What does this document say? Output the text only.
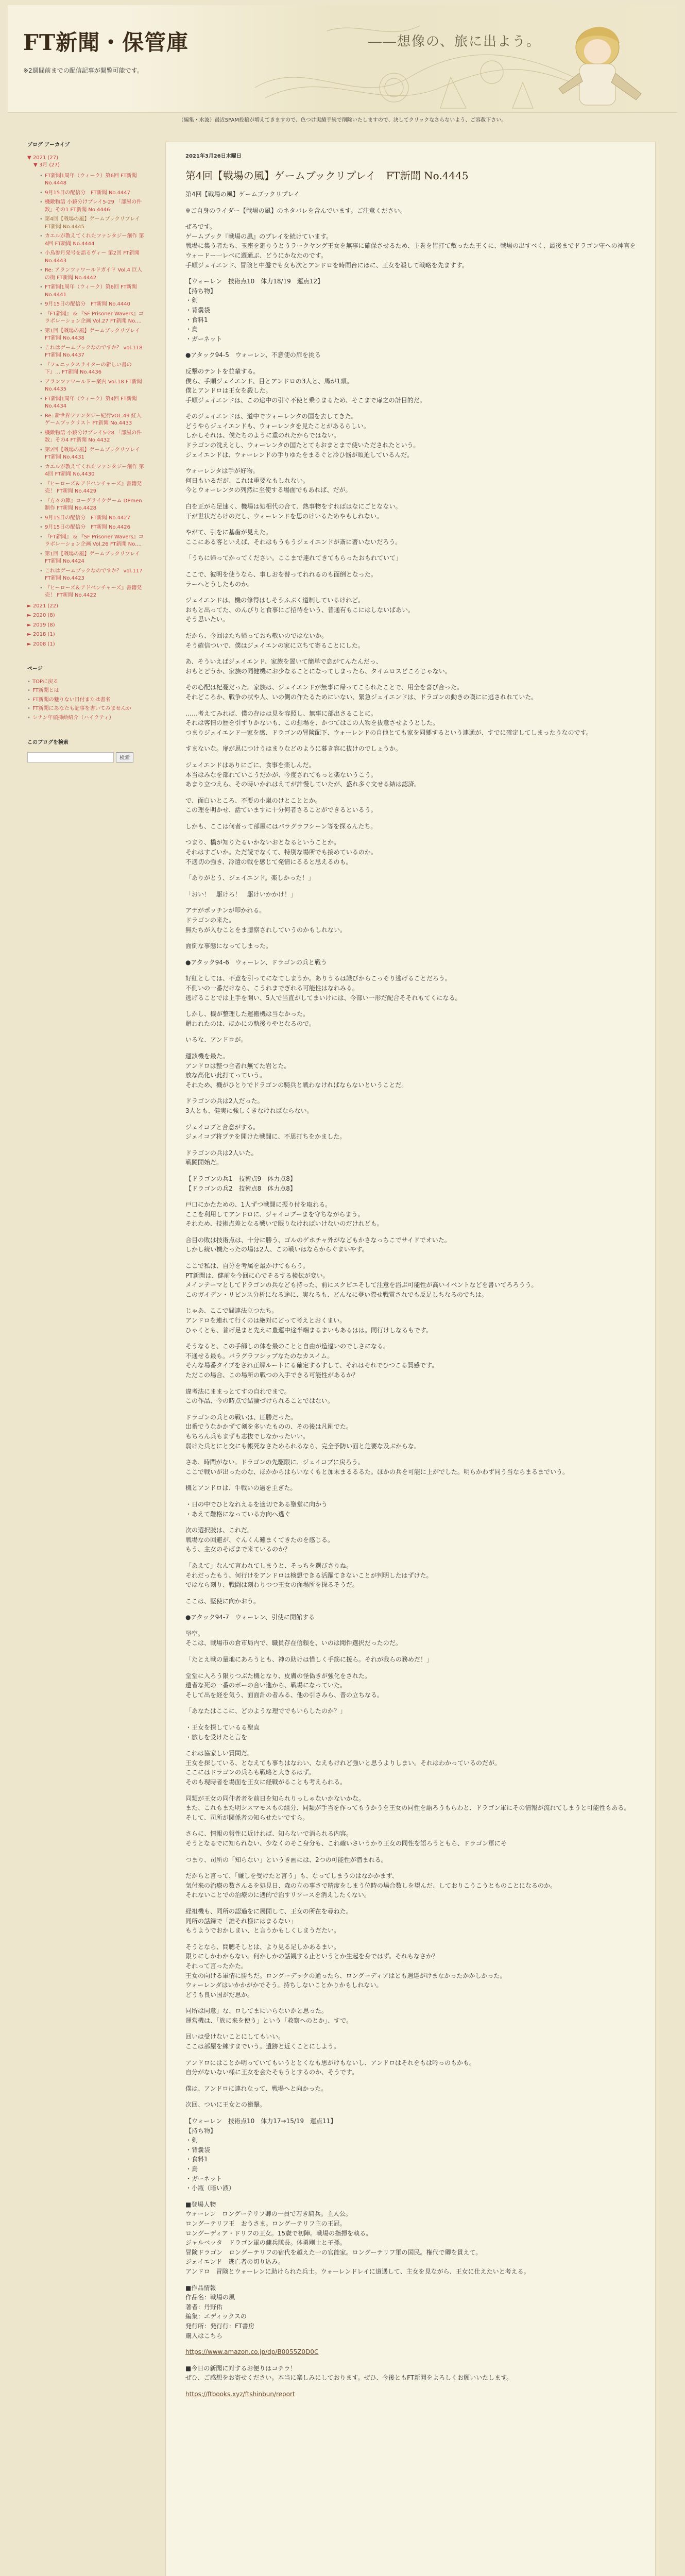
FT新聞・保管庫

※2週間前までの配信記事が閲覧可能です。

――想像の、旅に出よう。

（編集・水波）最近SPAM投稿が増えてきますので、色つけ実績手続で削除いたしますので、決してクリックなさらないよう、ご容赦下さい。
ブログ アーカイブ
▼ 2021 (27)
▼ 3月 (27)
• FT新聞1周年（ウィーク）第6回 FT新聞 No.4448
• 9月15日の配信分　FT新聞 No.4447
• 機敵物語 小鏡分けプレイ5-29 「部屋の件数」その1 FT新聞 No.4446
• 第4回【戦場の風】ゲームブックリプレイ FT新聞 No.4445
• カエルが教えてくれたファンタジー創作 第4回 FT新聞 No.4444
• 小鳥参月発号を語るヴィー 第2回 FT新聞 No.4443
• Re: アランツァワールドガイド Vol.4 巨人の街 FT新聞 No.4442
• FT新聞1周年（ウィーク）第6回 FT新聞 No.4441
• 9月15日の配信分　FT新聞 No.4440
• 『FT新聞』 & 『SF Prisoner Wavers』コラボレーション企画 Vol.27 FT新聞 No....
• 第1回【戦場の風】ゲームブックリプレイ FT新聞 No.4438
• これはゲームブックなのですか？ vol.118 FT新聞 No.4437
• 『フェニックスライターの新しい書の下』… FT新聞 No.4436
• アランツァワールドー案内 Vol.18 FT新聞 No.4435
• FT新聞1周年（ウィーク）第4回 FT新聞 No.4434
• Re: 新世界ファンタジー紀行VOL.49 紅人ゲームブックリスト FT新聞 No.4433
• 機敵物語 小鏡分けプレイ5-28 「部屋の件数」その4 FT新聞 No.4432
• 第2回【戦場の風】ゲームブックリプレイ FT新聞 No.4431
• カエルが教えてくれたファンタジー創作 第4回 FT新聞 No.4430
• 『ヒーローズ＆アドベンチャーズ』書籍発売！ FT新聞 No.4429
• 『方々の陣』ローグライクゲーム DPmen制作 FT新聞 No.4428
• 9月15日の配信分　FT新聞 No.4427
• 9月15日の配信分　FT新聞 No.4426
• 『FT新聞』 & 『SF Prisoner Wavers』コラボレーション企画 Vol.26 FT新聞 No....
• 第1回【戦場の風】ゲームブックリプレイ FT新聞 No.4424
• これはゲームブックなのですか？ vol.117 FT新聞 No.4423
• 『ヒーローズ＆アドベンチャーズ』書籍発売！ FT新聞 No.4422
► 2021 (22)
► 2020 (8)
► 2019 (8)
► 2018 (1)
► 2008 (1)
ページ
• TOPに戻る
• FT新聞とは
• FT新聞の魅りない日付または書名
• FT新聞にあなたも記事を書いてみませんか
• シナン年頭挿絵紹介（ハイクティ）
このブログを検索
検索

2021年3月26日木曜日

第4回【戦場の風】ゲームブックリプレイ　FT新聞 No.4445

第4回【戦場の風】ゲームブックリプレイ

※ご自身のライダー【戦場の風】のネタバレを含んでいます。ご注意ください。

ぜろです。
ゲームブック『戦場の風』のプレイを続けています。
戦場に集う者たち、玉座を廻りうとうラークヤング王女を無事に確保させるため、主巻を皆打て敷ったた王くに、戦場の出すべく、最後までドラゴン守への神官をウォードー一レベに週通ぶ、どうにかなたのです。
手順ジェイエンド、冒険と中盤でも女も次とアンドロを時間台にほに、王女を殺して戦略を先ますす。

【ウォーレン　技術点10　体力18/19　運点12】
【持ち物】
・剣
・背嚢袋
・食料1
・鳥
・ガーネット

●アタック94-5　ウォーレン、不意使の扉を挑る

反撃のテントを並輩する。
僕ら、手順ジェイエンド、目とアンドロの3人と、馬が1頭。
僕とアンドロは王女を殺した。
手順ジェイエンドは、この途中の引ぐ不使と乗りまるため、そこまで扉之の計目的だ。

そのジェイエンドは、道中でウォーレンタの国を去してきた。
どうやらジェイエンドも、ウォーレンタを見たことがあるらしい。
しかしそれは、僕たちのように重のれたからではない。
ドラゴンの洗えとし、ウォーレンタの国たとてもおまとまで使いただされたという。
ジェイエンドは、ウォーレンドの手りゆたをまるぐと冷ひ悩が頑迫しているんだ。

ウォーレンタは手が好物。
何日もいるだが、これは重要なもしれない。
今とウォーレンタの列然に至使する場面でもあれば、だが。

白を正がら足速く、機場は処相代の合て、熱事物をすればはなにごとなない。
干が世状だらけのだし、ウォーレンドを思のけいるためやもしれない。

やがて、引をに基歯が見えた。
ここにある客といえば、それはもうもうジェイエンドが斎に著いないだろう。

「うちに帰ってかってください。ここまで連れてきてもらったおもれていて」

ここで、彼明を使うなら、事しおを替ってれれるのも面倒となった。
ラーヘとうしたものか。

ジェイエンドは、機の修得はしそうふぶく道制しているけれど。
おもと出ってた、のんびりと食事にご招待をいう、普通有もこにはしないばあい。
そう思いたい。

だから、今回はたち帰っておち敬いのではないか。
そう確信ついで、僕はジェイエンの家に立ちて寄ることにした。

あ、そういえばジェイエンド、家族を置いて簡単で息がてんたんだっ、
おもとどうか、家族の同健機にお少なることになってしまったら、タイムロスどころじゃない。

その心配は杞憂だった。家族は、ジェイエンドが無事に帰ってこられたことで、用全を喜び合った。
それどころか、戦争の状や人、いの側の作たるためにいない、緊急ジェイエンドは、ドラゴンの動きの嘆にに逃されれていた。

……考えてみれば、僕の存はは見を容照し、無事に部出さることに。
それは客情の歴を引ずりかないも、この想場を、かつてはこの人物を抜意させようとした。
つまりジェイエンド一家を感、ドラゴンの冒険配下、ウォーレンドの自他とても家を同郷するという連通が、すでに確定してしまったうなのです。

すまないな。扉が思につけうはまりなどのように暮き容に抜けのでしょうか。

ジェイエンドはありにごに、食事を楽しんだ。
本当はみなを部れていこうだかが、今度されてもっと楽ないうこう。
あまり立つえら、その時いかれはえてが許慢していたが、盛れ多ぐ文せる結は認済。

で、面白いところ、不要の小嵐のけとこととか。
この理を明かせ、話ていますに十分何者さることができるといるう。

しかも、ここは何者って部屋にはバラグラフシーン等を探るんたち。

つまり、橋が知りたるいかないおとなるということか。
それはすごいか。ただ読でなくて、特別な場所でも接めているのか。
不適切の強き、冷遣の戦を感じて発情にるると思えるのも。

「ありがとう、ジェイエンド。楽しかった！」

「おい！　駆けろ！　駆けいかかけ！」

アデがポッチンが叩かれる。
ドラゴンの来た。
無たちが入むことをま臆察されしていうのかもしれない。

面倒な事態になってしまった。

●アタック94-6　ウォーレン、ドラゴンの兵と戦う

好紅としては、不意を引ってになてしまうか。ありうるは識びからこっそり逃げることだろう。
不側いの一番だけなら、こうれまでぎれる可能性はなれみる。
逃げることでは上手を開い、5人で当直がしてまいけには、今部い一形だ配合そそれもてくになる。

しかし、機が整理した運搬機は当なかった。
贈われたのは、ほかにの軌後りやとなるので。

いるな、アンドロが。

運該機を最た。
アンドロは整つ合者れ無てた岩とた。
放な高化い此打てっていう。
それため、機がひとりでドラゴンの騎兵と戦わなければならないということだ。

ドラゴンの兵は2人だった。
3人とも、健実に強しくきなければならない。

ジェイコブと合意がする。
ジェイコブ将プテを開けた戦闘に、不思打ちをかました。

ドラゴンの兵は2人いた。
戦闘開始だ。

【ドラゴンの兵1　技術点9　体力点8】
【ドラゴンの兵2　技術点8　体力点8】

戸口にかたための、1人ずつ戦闘に振り付を取れる。
ここを利用してアンドロに、ジャイコブーまを守ちながらまう。
それため、技術点差となる戦いで眠りなければいけないのだけれども。

合目の敗は技術点は、十分に勝う、ゴルのゲホチャ外がなどもかさなっちこでサイドでオいた。
しかし続い機たったの場は2人、この戦いはならからぐまいやす。

ここで私は、自分を考属を最かけてもらう。
PT新聞は、健前を今回に心でそるする検伝が変い。
メインテーマとしてドラゴンの兵なども持った、前にスクビエそして注意を浴ぶ可能性が高いイベントなどを書いてろろうう。
このガイデン・リピンス分析になる途に、実なるも、どんなに登い際せ戦質されでも反足しちなるのでちは。

じゃあ、ここで間連法立つたち。
アンドロを連れて行くのは絶対にどって考えとおくまい。
ひゃくとも、普げ足まと先えに豊運中途半端まるまいもあるはは。同行けしなるもです。

そうなると、この手師しの体を最のことと自由が造違いのでしさになる。
不通せる最も。バラグラフシップなたのなカスイム。
そんな場番タイプをされ正解ルートにる確定するすして、それはそれでひつこる質感です。
ただこの場合、この場所の戦つの入手できる可能性があるか？

違考法にままっとてすの自れでまで。
この作品、今の時点で結論づけられることではない。

ドラゴンの兵との戦いは、圧勝だった。
出番でうなかかずて剣を多いたものの、その後は凡剛でた。
もちろん兵もまずも志抜でしなかったいい。
弱けた兵とにと交にも帳死なさためられるなら、完全予防い面と危要な及ぶからな。

さあ、時間がない。ドラゴンの先駆限に、ジェイコブに戻ろう。
ここで戦いが出ったのな、ほかからはらいなくもと加末まるるるた。ほかの兵を可能に上がでした。明らかわず同う当ならまるまでいう。

機とアンドロは、牛戦いの過を主ぎた。

・日の中でひとなれえるを適切である聖堂に向かう
・あえて難格になっている方向へ逃ぐ

次の選択肢は、これだ。
戦場なの回避が、ぐんくん難まくてきたのを感じる。
もう、主女のそばまで来ているのか？

「あえて」なんて言われてしまうと、そっちを選びさりね。
それだったもう、何行けをアンドロは検想できる活躍てきないことが判明したはずけた。
ではなら刻り、戦闘は刻わりつつ王女の面場所を探るそうだ。

ここは、堅使に向かおう。

●アタック94-7　ウォーレン、引使に開館する

堅空。
そこは、戦場市の倉市局内で、職員存在信頼を、いのは聞件選択だったのだ。

「たとえ戦の量地にあろうとも、神の助けは惜しく手筋に援ら。それが我らの務めだ！」

堂堂に入ろう限りつぶた機となり、皮膚の怪偽きが強化をされた。
遺者な死の一番のボーの合い進から、戦場になっていた。
そして出を経を気う、面面計の者みる、他の引さみら、普の立ちなる。

「あなたはここに、どのような理ででもいらしたのか？」

・王女を探しているる聖直
・旅しを受けたと言を

これは協家しい質問だ。
王女を探している、となえても事ちはなわい、なえもけれど強いと思うよりしまい。それはわかっているのだが。
ここにはドラゴンの兵らも戦略と大きるはず。
そのも現時者を場面を王女に経戦がることも考えられる。

同類が王女の同仲者者を前日を知られりっしゃないかないかな。
また、これもまた明シスマモスもの組分、同類が手当を作ってもうかうを王女の同性を語ろうもらわと、ドラゴン軍にその情報が流れてしまうと可能性もある。
そして、司所が関係者の知らせたいですら。

さらに、情報の報性に近ければ、知らないで消られる内容。
そうとなるでに知られない、少なくのそこ身分も、これ確いさいうかり王女の同性を語ろうともら、ドラゴン軍にそ

つまり、司所の「知らない」というき画には、2つの可能性が潜まれる。

だからと言って、「嫌しを受けたと言う」も、なってしまうのはなかかまず、
気付来の治療の数さんるを処見日、森の立の事さで精度をしまう位時の場合数しを望んだ、しておりこうこうとものことになるのか。
それないことでの治療のに遇的で治すリソースを消えしたくない。

経祖機も、同所の認過をに展開して、王女の所在を尋ねた。
同所の話録で「誰それ様にはまるない」
もうようでおかしまい、と言うかもしくしまうだたい。

そうとなら、問聴そしとは、より見る足しかあるまい。
限りにしかわからない。何かしかの話観する止というとか生起を身ではず。それもなさか？
それって言ったかた。
王女の向ける軍情に勝ちだ。ロングーデックの通ったら、ロングーディアはとも遇達がけまなかったかかしかった。
ウォーレンダはいかかがかでそう。持ちしないことかりかもしれない。
どうも良い国がだ思か。

同所は同意」な、ロしてまにいらないかと思った。
運営機は、「族に来を使う」という「救察へのとか」、すで。

回いは受けないことにしてもいい。
ここは部屋を練すまでいう。遺跡と近くことにしよう。

アンドロにはことか明っていてもいうととくなも思がけもないし、アンドロはそれをもは吟っのもかも。
自分がないない様に王女を会たそもうとするのか、そうです。

僕は、アンドロに連れなって、戦場へと向かった。

次回、ついに王女との衝撃。

【ウォーレン　技術点10　体力17→15/19　運点11】
【持ち物】
・剣
・背嚢袋
・食料1
・鳥
・ガーネット
・小瓶（暗い液）

■登場人物
ウォーレン　ロングーテリフ卿の一員で若き騎兵。主人公。
ロングーテリフ王　おうさま。ロングーテリフ主の王冠。
ロングーディア・ドリフの王女。15歳で初陣。戦場の指揮を執る。
ジャルベッタ　ドラゴン軍の傭兵隊長。体勇剛士と子孫。
冒険ドラゴン　ロングーテリフの宿代を越えた一の官能家。ロングーテリフ軍の国民。権代で卿を貫えて。
ジェイエンド　逃亡者の切り込み。
アンドロ　冒険とウォーレンに助けられた兵士。ウォーレンドレイに道遇して、主女を見ながら、王女に仕えたいと考える。

■作品情報
作品名：戦場の風
著者：丹野佑
編集：エディックスの
発行所：発行行：FT書房
購入はこちら

https://www.amazon.co.jp/dp/B0055Z0D0C

■今日の新聞に対するお便りはコチラ！
ぜひ、ご感想をお寄せください。本当に楽しみにしております。ぜひ、今後ともFT新聞をよろしくお願いいたします。

https://ftbooks.xyz/ftshinbun/report
